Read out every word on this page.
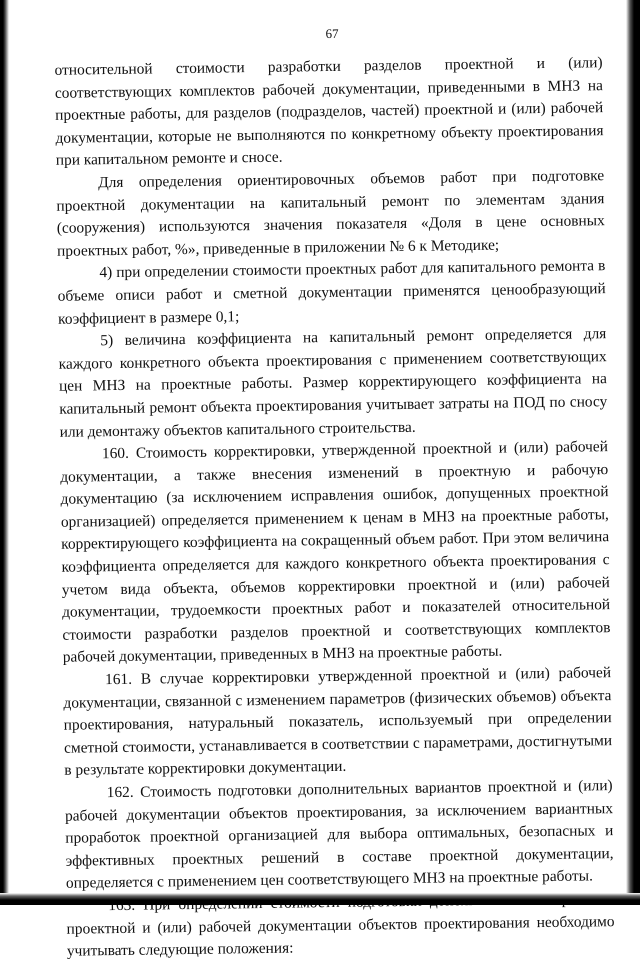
67

относительной стоимости разработки разделов проектной и (или) соответствующих комплектов рабочей документации, приведенными в МНЗ на проектные работы, для разделов (подразделов, частей) проектной и (или) рабочей документации, которые не выполняются по конкретному объекту проектирования при капитальном ремонте и сносе.

Для определения ориентировочных объемов работ при подготовке проектной документации на капитальный ремонт по элементам здания (сооружения) используются значения показателя «Доля в цене основных проектных работ, %», приведенные в приложении № 6 к Методике;

4) при определении стоимости проектных работ для капитального ремонта в объеме описи работ и сметной документации применятся ценообразующий коэффициент в размере 0,1;

5) величина коэффициента на капитальный ремонт определяется для каждого конкретного объекта проектирования с применением соответствующих цен МНЗ на проектные работы. Размер корректирующего коэффициента на капитальный ремонт объекта проектирования учитывает затраты на ПОД по сносу или демонтажу объектов капитального строительства.

160. Стоимость корректировки, утвержденной проектной и (или) рабочей документации, а также внесения изменений в проектную и рабочую документацию (за исключением исправления ошибок, допущенных проектной организацией) определяется применением к ценам в МНЗ на проектные работы, корректирующего коэффициента на сокращенный объем работ. При этом величина коэффициента определяется для каждого конкретного объекта проектирования с учетом вида объекта, объемов корректировки проектной и (или) рабочей документации, трудоемкости проектных работ и показателей относительной стоимости разработки разделов проектной и соответствующих комплектов рабочей документации, приведенных в МНЗ на проектные работы.

161. В случае корректировки утвержденной проектной и (или) рабочей документации, связанной с изменением параметров (физических объемов) объекта проектирования, натуральный показатель, используемый при определении сметной стоимости, устанавливается в соответствии с параметрами, достигнутыми в результате корректировки документации.

162. Стоимость подготовки дополнительных вариантов проектной и (или) рабочей документации объектов проектирования, за исключением вариантных проработок проектной организацией для выбора оптимальных, безопасных и эффективных проектных решений в составе проектной документации, определяется с применением цен соответствующего МНЗ на проектные работы.

163. проектной и (или) рабочей документации объектов проектирования необходимо учитывать следующие положения:
